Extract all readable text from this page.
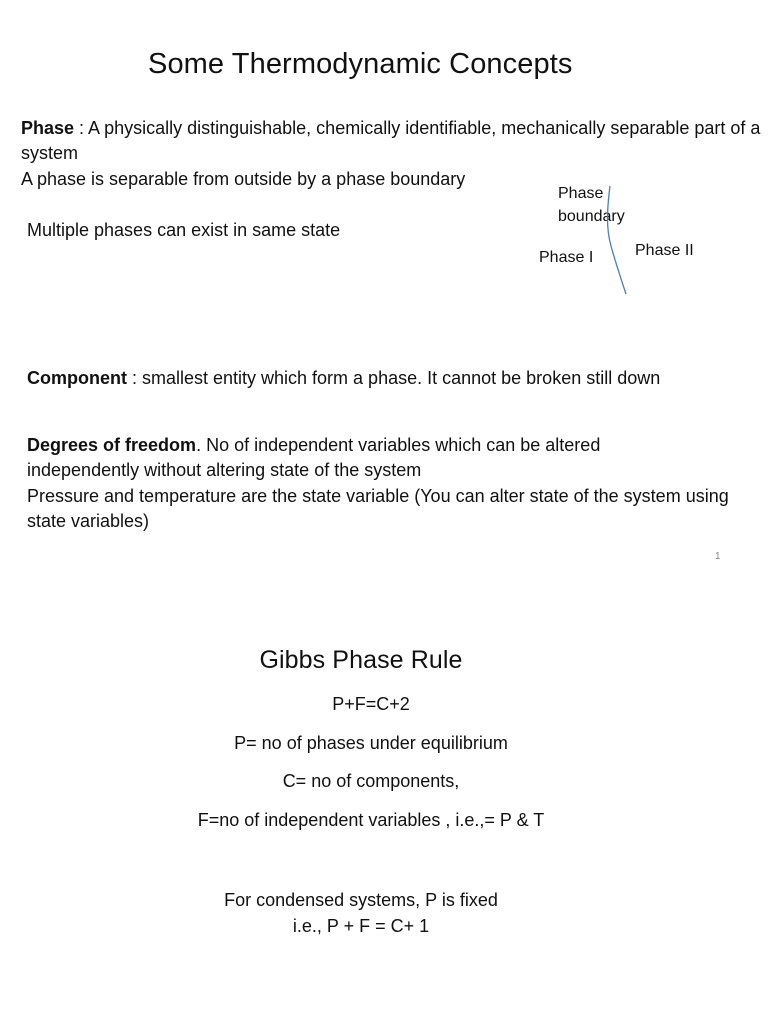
Some Thermodynamic Concepts
Phase : A physically distinguishable, chemically identifiable, mechanically separable part of a system
A phase is separable from outside by a phase boundary
Multiple phases can exist in same state
Phase
boundary
Phase I	Phase II
Component : smallest entity which form a phase. It cannot be broken still down
Degrees of freedom. No of independent variables which can be altered independently without altering state of the system
Pressure and temperature are the state variable (You can alter state of the system using state variables)
1
Gibbs Phase Rule
P+F=C+2
P= no of phases under equilibrium
C= no of components,
F=no of independent variables , i.e.,= P & T
For condensed systems, P is fixed
i.e., P + F = C+ 1
